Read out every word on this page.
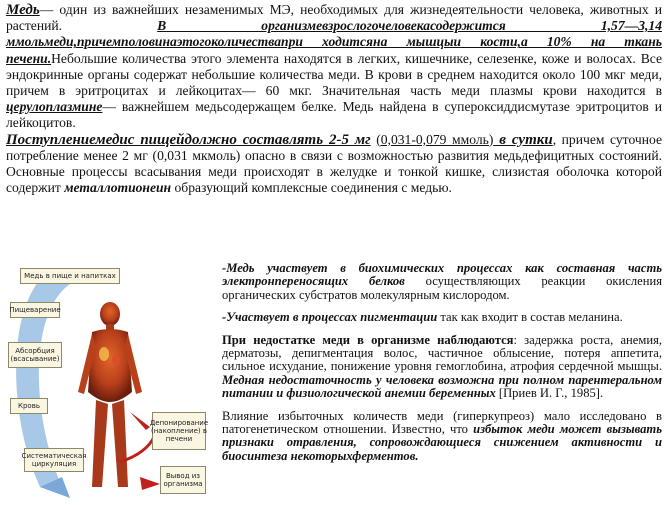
Медь— один из важнейших незаменимых МЭ, необходимых для жизнедеятельности человека, животных и растений. В организмевзрослогочеловекасодержится 1,57—3,14 ммольмеди,причемполовинаэтогоколичествапри ходитсяна мышцыи кости,а 10% на ткань печени.Небольшие количества этого элемента находятся в легких, кишечнике, селезенке, коже и волосах. Все эндокринные органы содержат небольшие количества меди. В крови в среднем находится около 100 мкг меди, причем в эритроцитах и лейкоцитах— 60 мкг. Значительная часть меди плазмы крови находится в церулоплазмине— важнейшем медьсодержащем белке. Медь найдена в супероксиддисмутазе эритроцитов и лейкоцитов.

Поступлениемедис пищейдолжно составлять 2-5 мг (0,031-0,079 ммоль) в сутки, причем суточное потребление менее 2 мг (0,031 мкмоль) опасно в связи с возможностью развития медьдефицитных состояний. Основные процессы всасывания меди происходят в желудке и тонкой кишке, слизистая оболочка которой содержит металлотионеин образующий комплексные соединения с медью.

Медь в пище и напитках
Пищеварение
Абсорбция (всасывание)
Кровь
Систематическая циркуляция
Депонирование (накопление) в печени
Вывод из организма

-Медь участвует в биохимических процессах как составная часть электронпереносящих белков осуществляющих реакции окисления органических субстратов молекулярным кислородом.

-Участвует в процессах пигментации так как входит в состав меланина.

При недостатке меди в организме наблюдаются: задержка роста, анемия, дерматозы, депигментация волос, частичное облысение, потеря аппетита, сильное исхудание, понижение уровня гемоглобина, атрофия сердечной мышцы. Медная недостаточность у человека возможна при полном парентеральном питании и физиологической анемии беременных [Приев И. Г., 1985].

Влияние избыточных количеств меди (гиперкупреоз) мало исследовано в патогенетическом отношении. Известно, что избыток меди может вызывать признаки отравления, сопровождающиеся снижением активности и биосинтеза некоторыхферментов.
